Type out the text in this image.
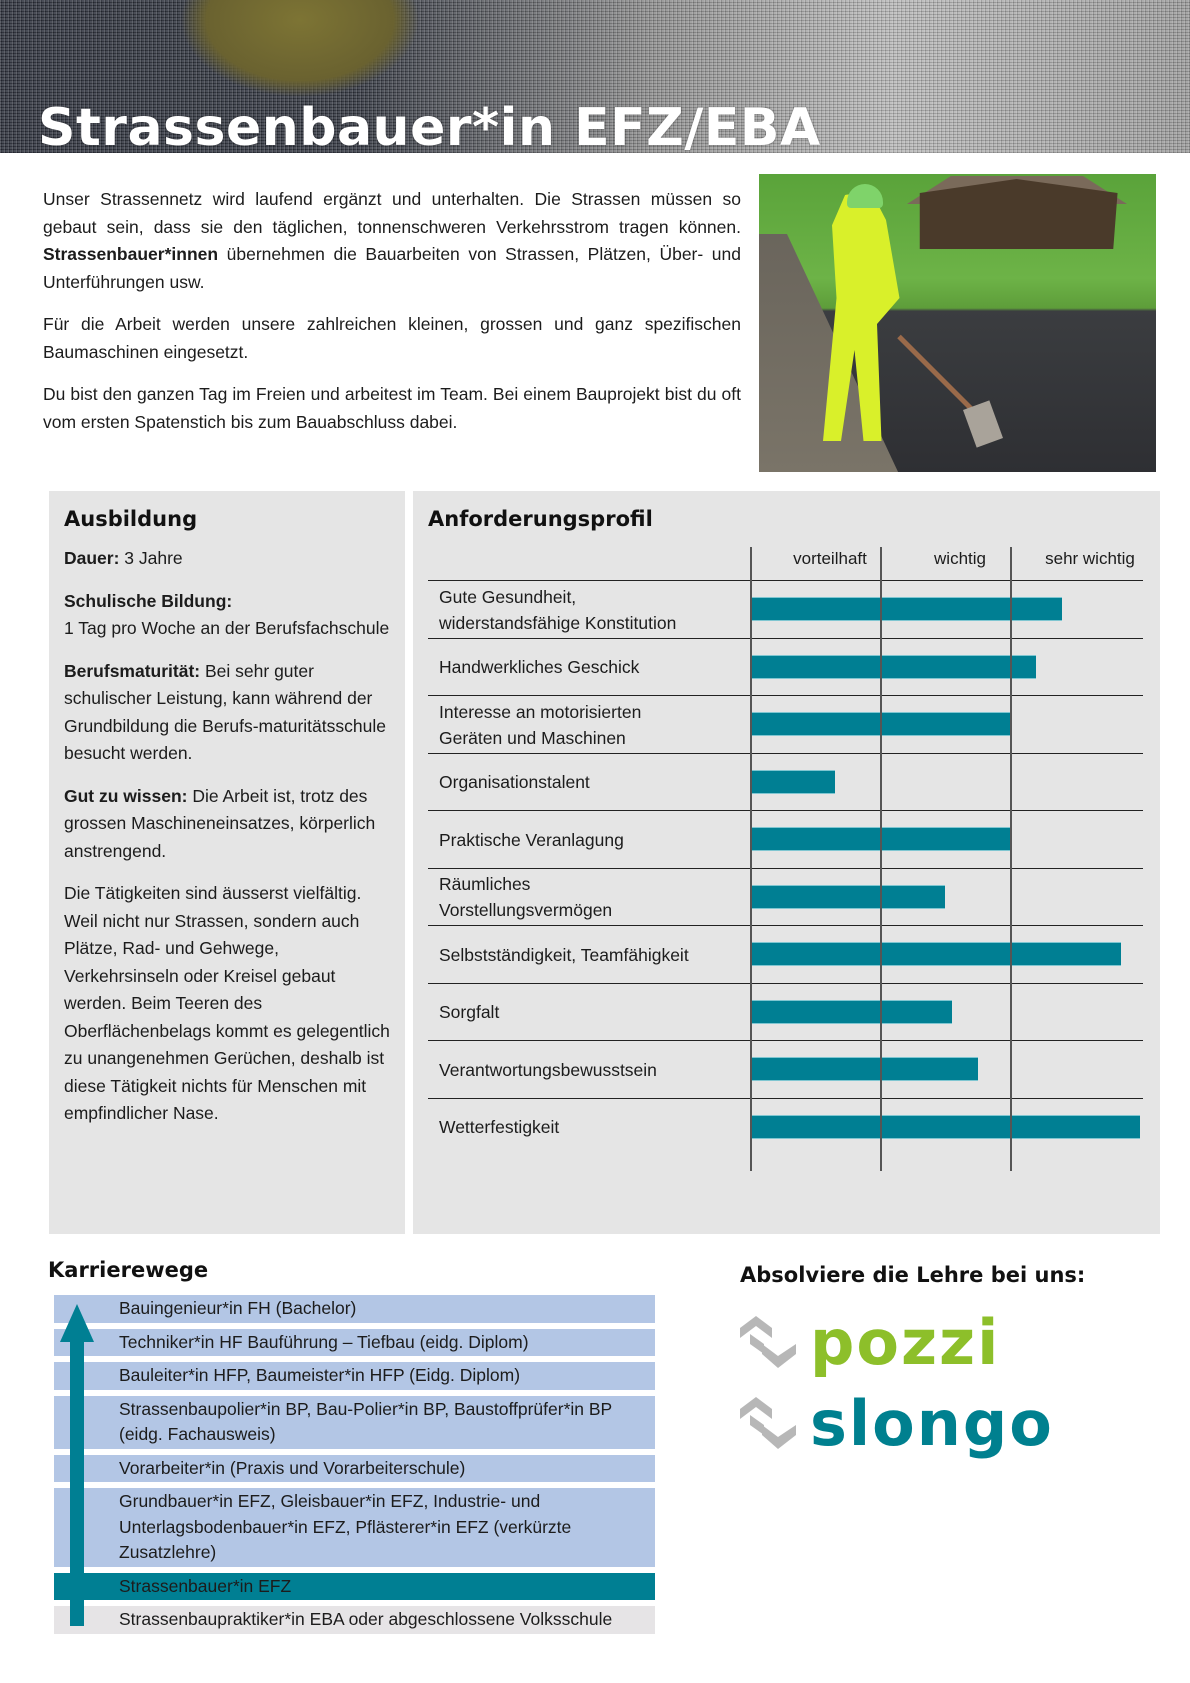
Strassenbauer*in EFZ/EBA

Unser Strassennetz wird laufend ergänzt und unterhalten. Die Strassen müssen so gebaut sein, dass sie den täglichen, tonnenschweren Verkehrsstrom tragen können. Strassenbauer*innen übernehmen die Bauarbeiten von Strassen, Plätzen, Über- und Unterführungen usw.

Für die Arbeit werden unsere zahlreichen kleinen, grossen und ganz spezifischen Baumaschinen eingesetzt.

Du bist den ganzen Tag im Freien und arbeitest im Team. Bei einem Bauprojekt bist du oft vom ersten Spatenstich bis zum Bauabschluss dabei.

Ausbildung

Dauer: 3 Jahre

Schulische Bildung:
1 Tag pro Woche an der Berufsfachschule

Berufsmaturität: Bei sehr guter schulischer Leistung, kann während der Grundbildung die Berufs-maturitätsschule besucht werden.

Gut zu wissen: Die Arbeit ist, trotz des grossen Maschineneinsatzes, körperlich anstrengend.

Die Tätigkeiten sind äusserst vielfältig. Weil nicht nur Strassen, sondern auch Plätze, Rad- und Gehwege, Verkehrsinseln oder Kreisel gebaut werden. Beim Teeren des Oberflächenbelags kommt es gelegentlich zu unangenehmen Gerüchen, deshalb ist diese Tätigkeit nichts für Menschen mit empfindlicher Nase.

Anforderungsprofil
vorteilhaft	wichtig	sehr wichtig
Gute Gesundheit, widerstandsfähige Konstitution
Handwerkliches Geschick
Interesse an motorisierten Geräten und Maschinen
Organisationstalent
Praktische Veranlagung
Räumliches Vorstellungsvermögen
Selbstständigkeit, Teamfähigkeit
Sorgfalt
Verantwortungsbewusstsein
Wetterfestigkeit
Karrierewege
Bauingenieur*in FH (Bachelor)
Techniker*in HF Bauführung – Tiefbau (eidg. Diplom)
Bauleiter*in HFP, Baumeister*in HFP (Eidg. Diplom)
Strassenbaupolier*in BP, Bau-Polier*in BP, Baustoffprüfer*in BP (eidg. Fachausweis)
Vorarbeiter*in (Praxis und Vorarbeiterschule)
Grundbauer*in EFZ, Gleisbauer*in EFZ, Industrie- und Unterlagsbodenbauer*in EFZ, Pflästerer*in EFZ (verkürzte Zusatzlehre)
Strassenbauer*in EFZ
Strassenbaupraktiker*in EBA oder abgeschlossene Volksschule
Absolviere die Lehre bei uns:
pozzi
slongo
